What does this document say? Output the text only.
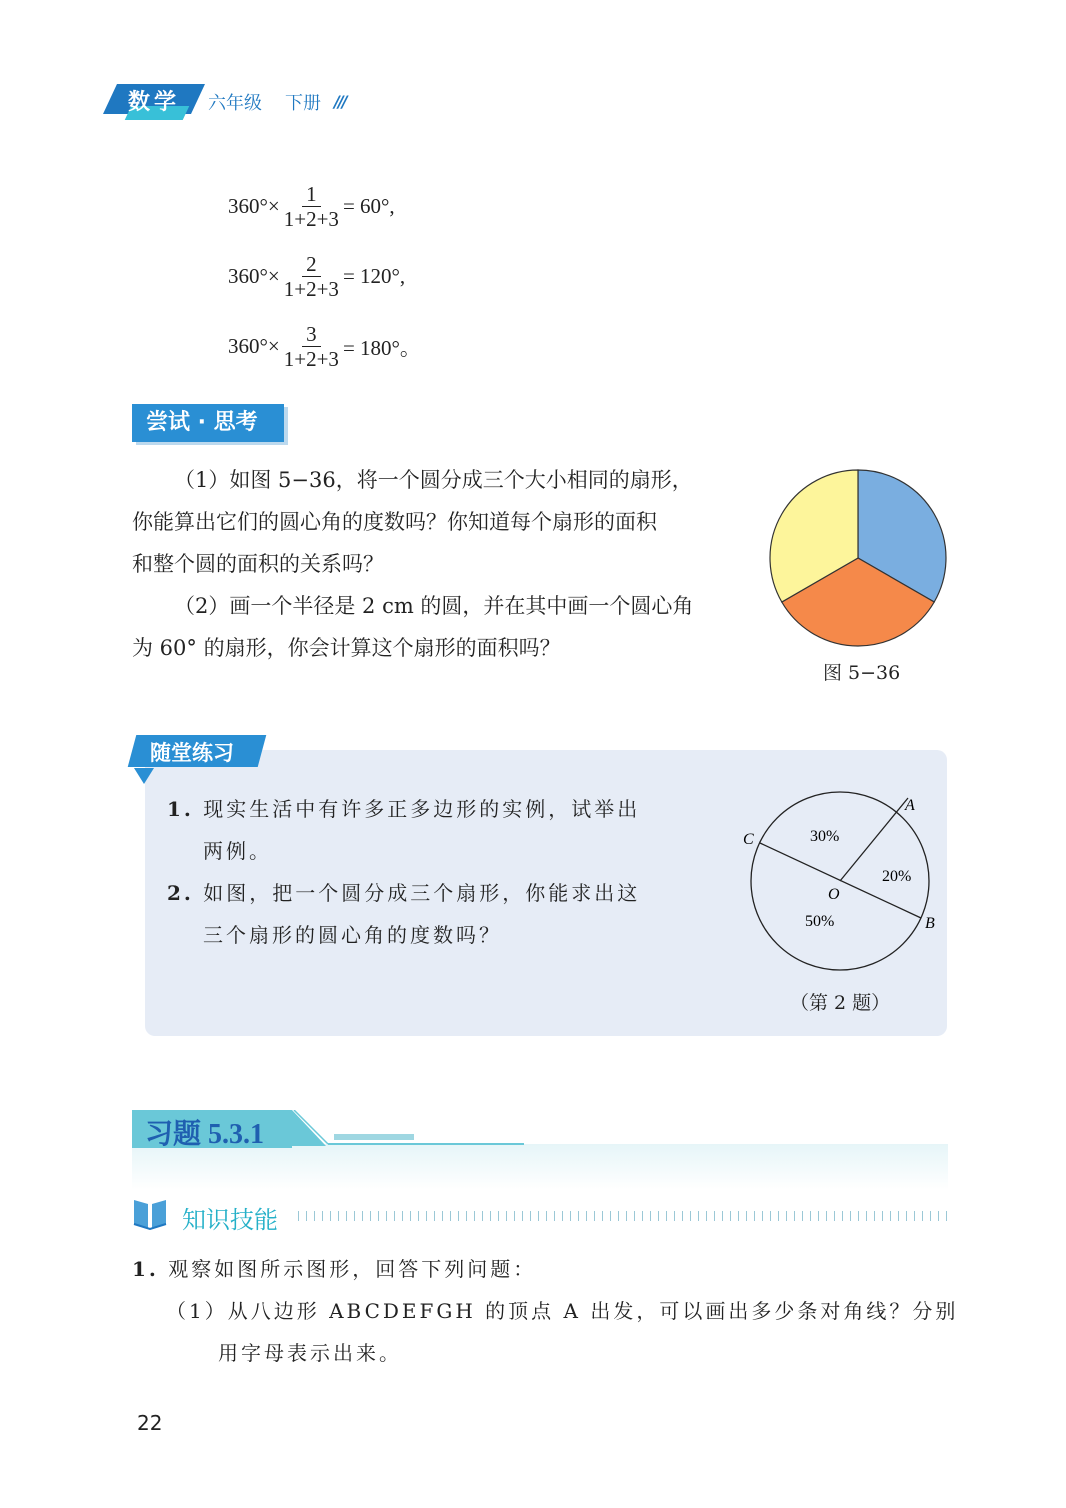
数学 六年级 下册 ///
$360^\circ\times \frac{1}{1+2+3} = 60^\circ$,
$360^\circ\times \frac{2}{1+2+3} = 120^\circ$,
$360^\circ\times \frac{3}{1+2+3} = 180^\circ$。
尝试 · 思考
（1）如图 5−36，将一个圆分成三个大小相同的扇形，
你能算出它们的圆心角的度数吗？你知道每个扇形的面积
和整个圆的面积的关系吗？
（2）画一个半径是 2 cm 的圆，并在其中画一个圆心角
为 60° 的扇形，你会计算这个扇形的面积吗？
图 5−36
随堂练习
1. 现实生活中有许多正多边形的实例，试举出
两例。
2. 如图，把一个圆分成三个扇形，你能求出这
三个扇形的圆心角的度数吗？
A
B
C
O
30%
20%
50%
（第 2 题）
习题 5.3.1
知识技能
1. 观察如图所示图形，回答下列问题：
（1）从八边形 ABCDEFGH 的顶点 A 出发，可以画出多少条对角线？分别
用字母表示出来。
22
